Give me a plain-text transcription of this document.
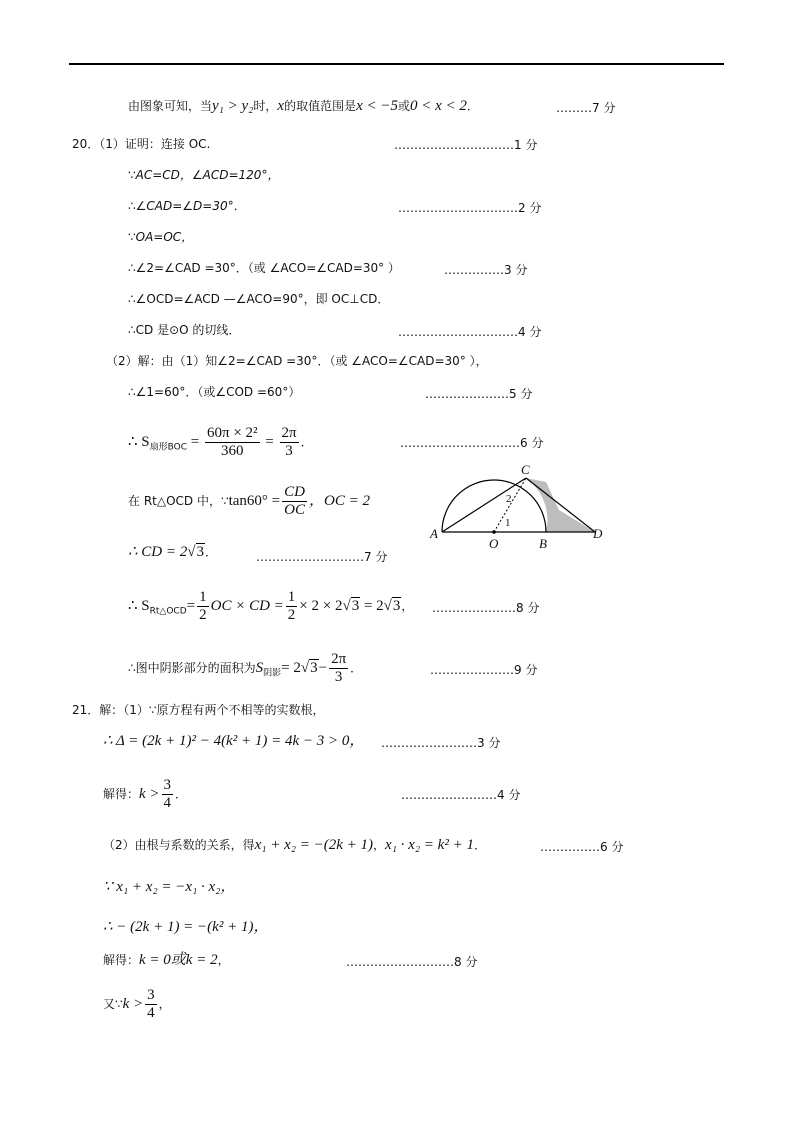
由图象可知，当y₁ > y₂时，x的取值范围是x < −5或0 < x < 2．	………7 分
20．（1）证明：连接 OC.	…………………………1 分
∵AC=CD，∠ACD=120°，
∴∠CAD=∠D=30°．	…………………………2 分
∵OA=OC，
∴∠2=∠CAD =30°．（或 ∠ACO=∠CAD=30° ）	……………3 分
∴∠OCD=∠ACD —∠ACO=90°，即 OC⊥CD．
∴CD 是⊙O 的切线．	…………………………4 分
（2）解：由（1）知∠2=∠CAD =30°．（或 ∠ACO=∠CAD=30° ），
∴∠1=60°．（或∠COD =60°）	…………………5 分
∴ $S_{扇形BOC} = \frac{\text{60π × 2²}}{360} = \frac{2\pi}{3}$ ．	…………………………6 分
在 Rt△OCD 中，∵tan60° = $\frac{CD}{OC}$ ，OC = 2
∴ CD = 2√3．	………………………7 分
∴ $S_{Rt\triangle OCD}= \frac{1}{2}$ OC × CD = $\frac{1}{2} \times 2 \times 2√3 = 2√3$， …………………8 分
∴图中阴影部分的面积为$S_{阴影}= 2√3- \frac{2\pi}{3}$ ．	…………………9 分
A
O	B
C
D
1
2
21．解：（1）∵原方程有两个不相等的实数根，
∴ Δ = (2k + 1)² − 4(k² + 1) = 4k − 3 > 0， ……………………3 分
解得：$k > \frac{3}{4}$ ．	……………………4 分
（2）由根与系数的关系，得x₁ + x₂ = −(2k + 1)，x₁ · x₂ = k² + 1．	……………6 分
∵ x₁ + x₂ = −x₁ · x₂，
∴ − (2k + 1) = −(k² + 1)，
解得：k = 0或k = 2，	………………………8 分
又∵k > $\frac{3}{4}$ ，
